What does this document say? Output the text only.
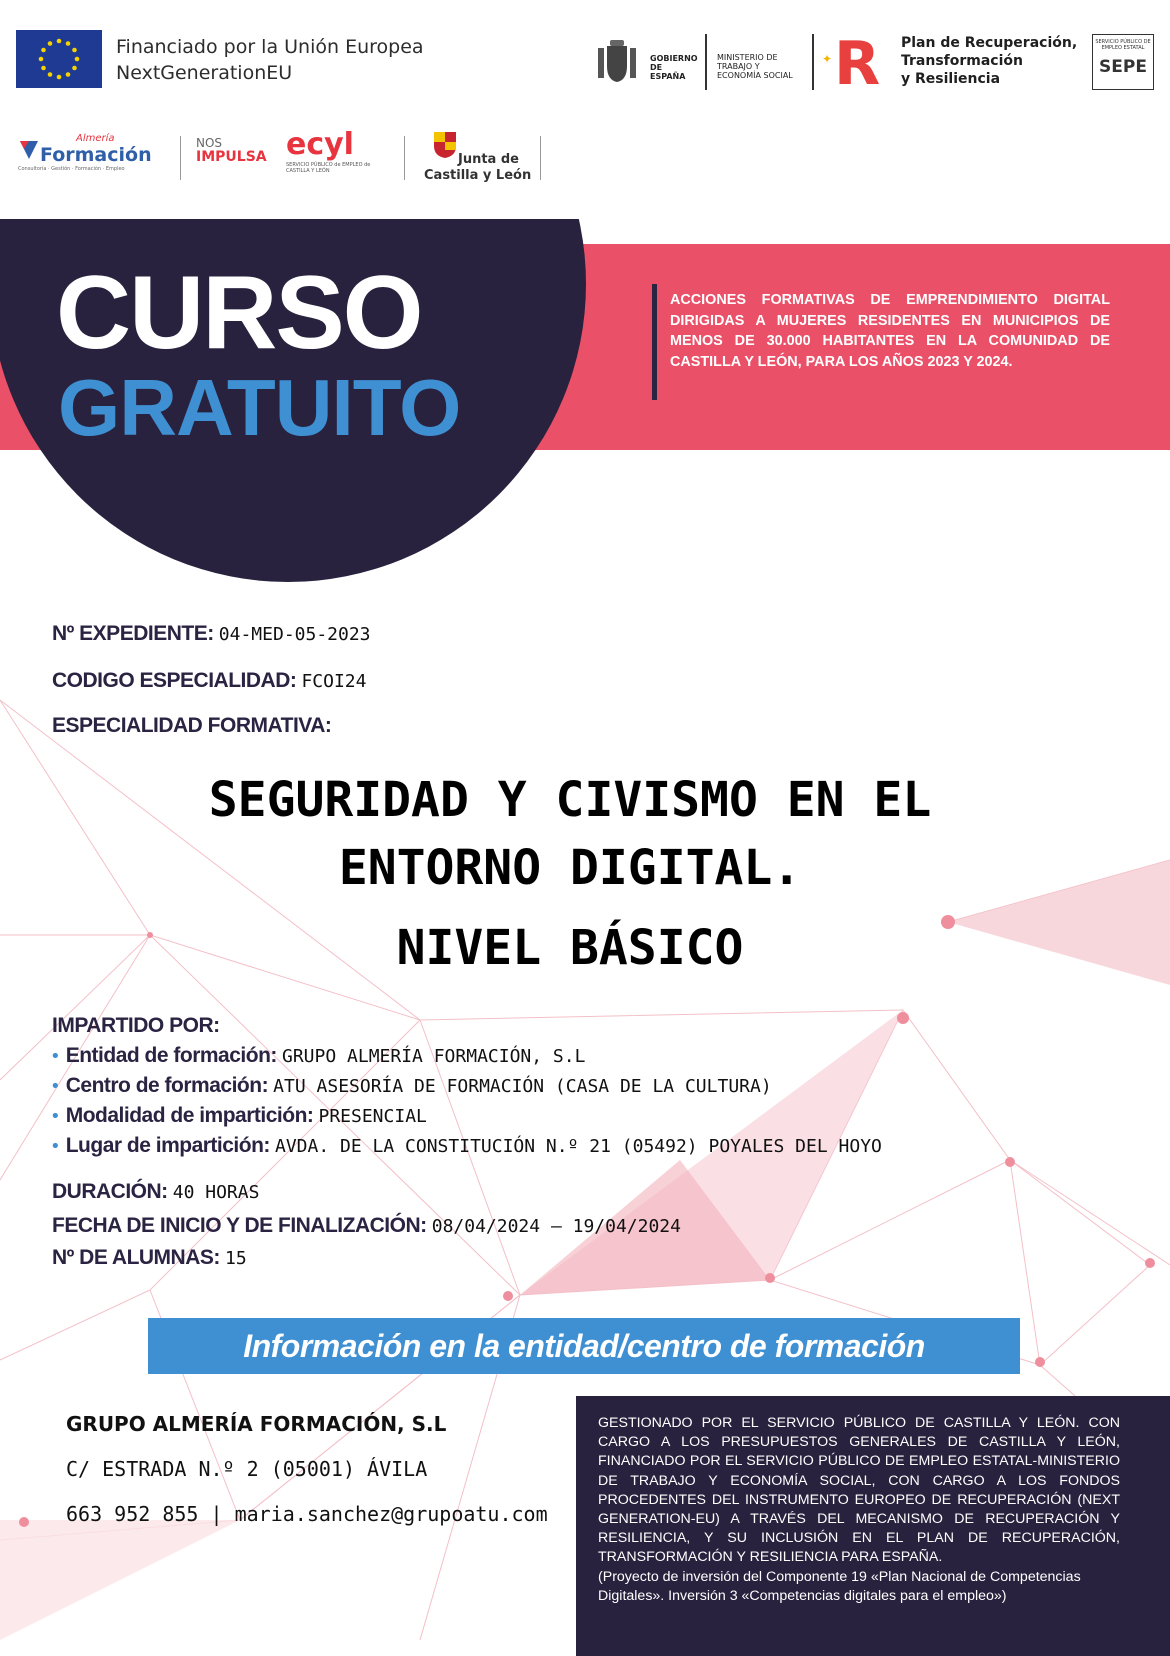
Financiado por la Unión Europea
NextGenerationEU
GOBIERNO DE ESPAÑA
MINISTERIO DE TRABAJO Y ECONOMÍA SOCIAL
✦ R Plan de Recuperación,
Transformación
y Resiliencia
SERVICIO PÚBLICO DE EMPLEO ESTATAL
SEPE
Almería
Formación
Consultoría · Gestión · Formación · Empleo
NOS
IMPULSA ecyl
SERVICIO PÚBLICO de EMPLEO de CASTILLA Y LEÓN
Junta de
Castilla y León
CURSO
GRATUITO
ACCIONES FORMATIVAS DE EMPRENDIMIENTO DIGITAL DIRIGIDAS A MUJERES RESIDENTES EN MUNICIPIOS DE MENOS DE 30.000 HABITANTES EN LA COMUNIDAD DE CASTILLA Y LEÓN, PARA LOS AÑOS 2023 Y 2024.
Nº EXPEDIENTE: 04-MED-05-2023
CODIGO ESPECIALIDAD: FCOI24
ESPECIALIDAD FORMATIVA:
SEGURIDAD Y CIVISMO EN EL
ENTORNO DIGITAL.
NIVEL BÁSICO
IMPARTIDO POR:
• Entidad de formación: GRUPO ALMERÍA FORMACIÓN, S.L
• Centro de formación: ATU ASESORÍA DE FORMACIÓN (CASA DE LA CULTURA)
• Modalidad de impartición: PRESENCIAL
• Lugar de impartición: AVDA. DE LA CONSTITUCIÓN N.º 21 (05492) POYALES DEL HOYO
DURACIÓN: 40 HORAS
FECHA DE INICIO Y DE FINALIZACIÓN: 08/04/2024 – 19/04/2024
Nº DE ALUMNAS: 15
Información en la entidad/centro de formación
GRUPO ALMERÍA FORMACIÓN, S.L
C/ ESTRADA N.º 2 (05001) ÁVILA
663 952 855 | maria.sanchez@grupoatu.com
GESTIONADO POR EL SERVICIO PÚBLICO DE CASTILLA Y LEÓN. CON CARGO A LOS PRESUPUESTOS GENERALES DE CASTILLA Y LEÓN, FINANCIADO POR EL SERVICIO PÚBLICO DE EMPLEO ESTATAL-MINISTERIO DE TRABAJO Y ECONOMÍA SOCIAL, CON CARGO A LOS FONDOS PROCEDENTES DEL INSTRUMENTO EUROPEO DE RECUPERACIÓN (NEXT GENERATION-EU) A TRAVÉS DEL MECANISMO DE RECUPERACIÓN Y RESILIENCIA, Y SU INCLUSIÓN EN EL PLAN DE RECUPERACIÓN, TRANSFORMACIÓN Y RESILIENCIA PARA ESPAÑA.
(Proyecto de inversión del Componente 19 «Plan Nacional de Competencias Digitales». Inversión 3 «Competencias digitales para el empleo»)
